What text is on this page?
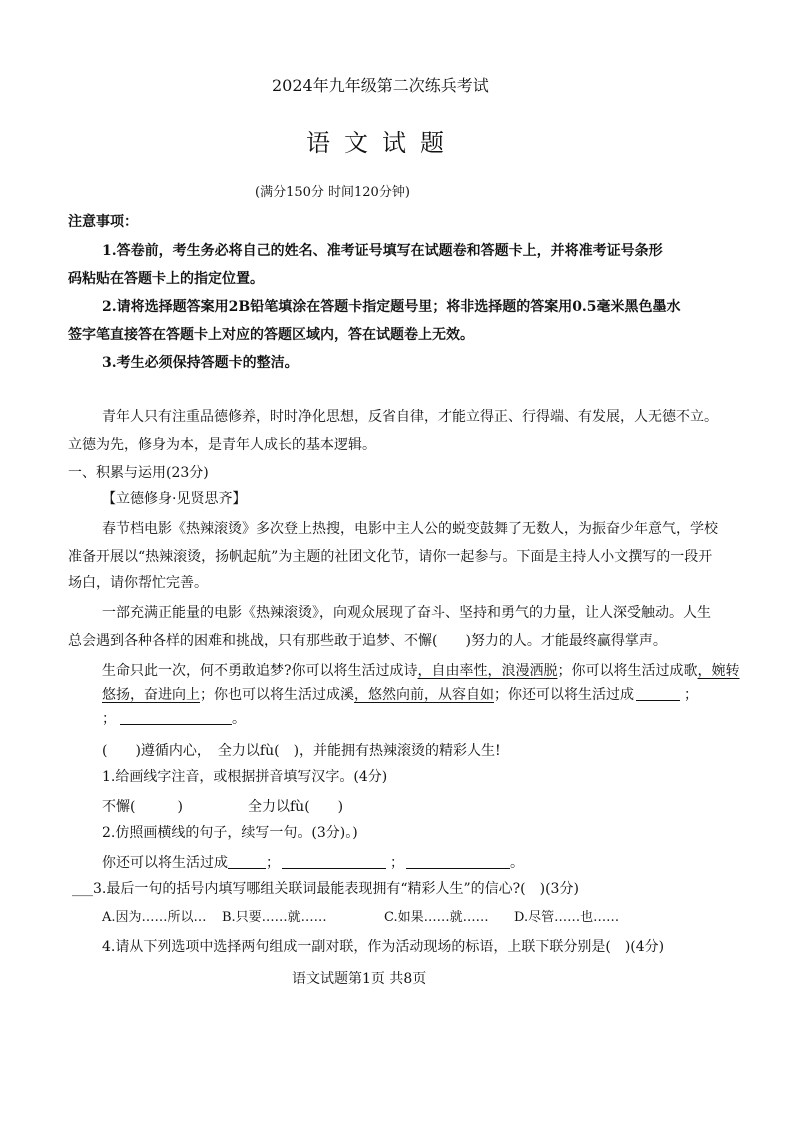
2024年九年级第二次练兵考试
语文试题
(满分150分 时间120分钟)
注意事项：
1.答卷前，考生务必将自己的姓名、准考证号填写在试题卷和答题卡上，并将准考证号条形
码粘贴在答题卡上的指定位置。
2.请将选择题答案用2B铅笔填涂在答题卡指定题号里；将非选择题的答案用0.5毫米黑色墨水
签字笔直接答在答题卡上对应的答题区域内，答在试题卷上无效。
3.考生必须保持答题卡的整洁。
青年人只有注重品德修养，时时净化思想，反省自律，才能立得正、行得端、有发展，人无德不立。
立德为先，修身为本，是青年人成长的基本逻辑。
一、积累与运用(23分)
【立德修身·见贤思齐】
春节档电影《热辣滚烫》多次登上热搜，电影中主人公的蜕变鼓舞了无数人，为振奋少年意气，学校
准备开展以“热辣滚烫，扬帆起航”为主题的社团文化节，请你一起参与。下面是主持人小文撰写的一段开
场白，请你帮忙完善。
一部充满正能量的电影《热辣滚烫》，向观众展现了奋斗、坚持和勇气的力量，让人深受触动。人生
总会遇到各种各样的困难和挑战，只有那些敢于追梦、不懈(　　)努力的人。才能最终赢得掌声。
生命只此一次，何不勇敢追梦?你可以将生活过成诗，自由率性，浪漫洒脱；你可以将生活过成歌，婉转
悠扬，奋进向上；你也可以将生活过成溪，悠然向前，从容自如；你还可以将生活过成	；
；	。
(　　)遵循内心，　全力以fù(　)，并能拥有热辣滚烫的精彩人生!
1.给画线字注音，或根据拼音填写汉字。(4分)
不懈(　　　)	全力以fù(　　)
2.仿照画横线的句子，续写一句。(3分)。)
你还可以将生活过成	；	；	。
___3.最后一句的括号内填写哪组关联词最能表现拥有“精彩人生”的信心?(　)(3分)
A.因为……所以… B.只要……就……	C.如果……就…… D.尽管……也……
4.请从下列选项中选择两句组成一副对联，作为活动现场的标语，上联下联分别是(　)(4分)
语文试题第1页 共8页
